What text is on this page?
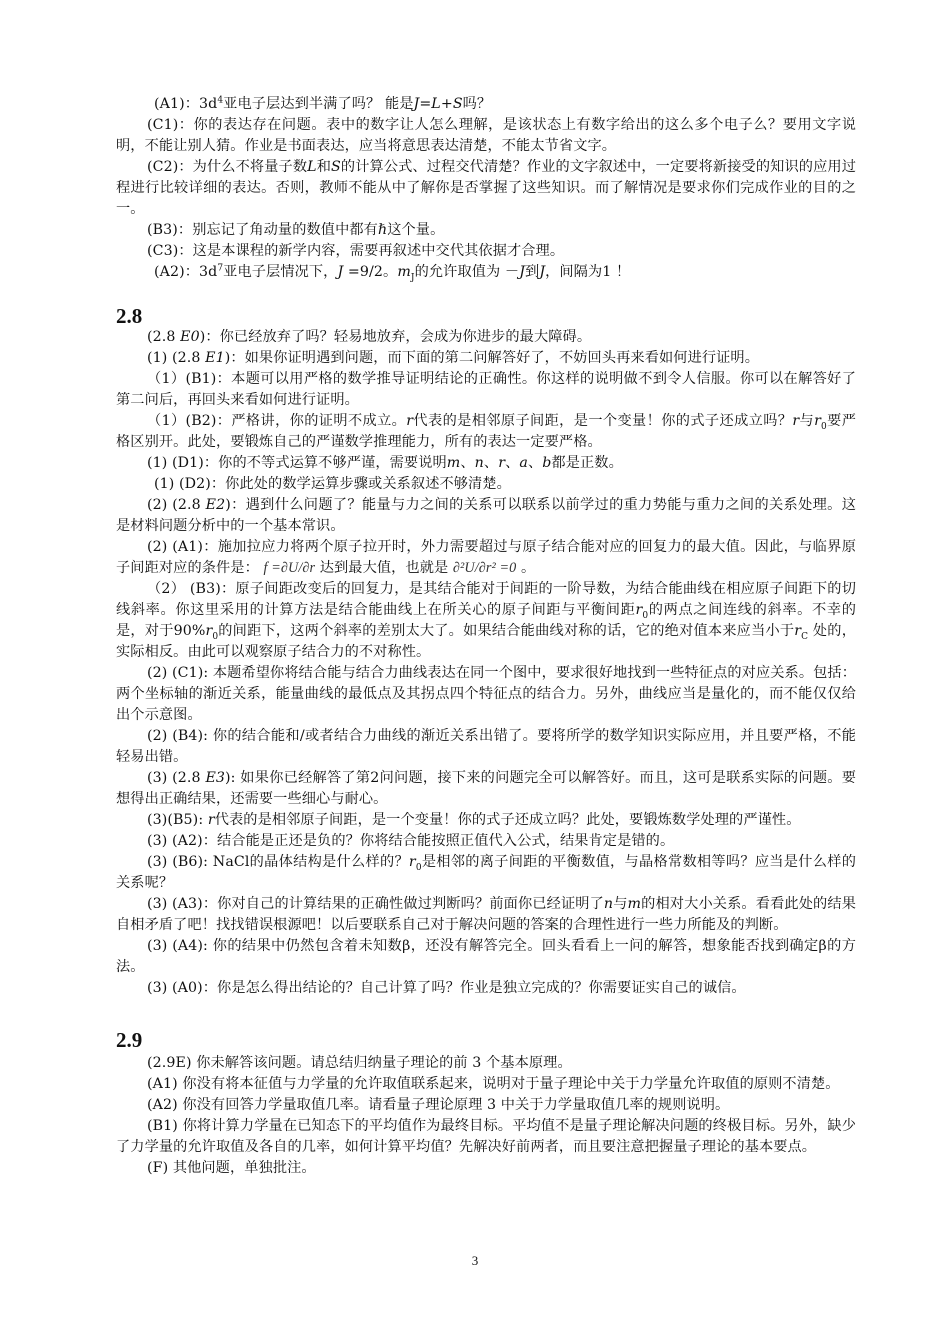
(A1)：$3d^4$亚电子层达到半满了吗？ 能是J=L+S吗？

(C1)：你的表达存在问题。表中的数字让人怎么理解，是该状态上有数字给出的这么多个电子么？要用文字说明，不能让别人猜。作业是书面表达，应当将意思表达清楚，不能太节省文字。

(C2)：为什么不将量子数L和S的计算公式、过程交代清楚？作业的文字叙述中，一定要将新接受的知识的应用过程进行比较详细的表达。否则，教师不能从中了解你是否掌握了这些知识。而了解情况是要求你们完成作业的目的之一。

(B3)：别忘记了角动量的数值中都有ℏ这个量。

(C3)：这是本课程的新学内容，需要再叙述中交代其依据才合理。

(A2)：$3d^7$亚电子层情况下，J =9/2。$m_J$的允许取值为 －J到J，间隔为1 ！

2.8

(2.8 E0)：你已经放弃了吗？轻易地放弃，会成为你进步的最大障碍。

(1) (2.8 E1)：如果你证明遇到问题，而下面的第二问解答好了，不妨回头再来看如何进行证明。

（1）(B1)：本题可以用严格的数学推导证明结论的正确性。你这样的说明做不到令人信服。你可以在解答好了第二问后，再回头来看如何进行证明。

（1）(B2)：严格讲，你的证明不成立。r代表的是相邻原子间距，是一个变量！你的式子还成立吗？r与$r_0$要严格区别开。此处，要锻炼自己的严谨数学推理能力，所有的表达一定要严格。

(1) (D1)：你的不等式运算不够严谨，需要说明m、n、r、a、b都是正数。

(1) (D2)：你此处的数学运算步骤或关系叙述不够清楚。

(2) (2.8 E2)：遇到什么问题了？能量与力之间的关系可以联系以前学过的重力势能与重力之间的关系处理。这是材料问题分析中的一个基本常识。

(2) (A1)：施加拉应力将两个原子拉开时，外力需要超过与原子结合能对应的回复力的最大值。因此，与临界原子间距对应的条件是： f =∂U/∂r 达到最大值，也就是 ∂²U/∂r² =0 。

（2） (B3)：原子间距改变后的回复力，是其结合能对于间距的一阶导数，为结合能曲线在相应原子间距下的切线斜率。你这里采用的计算方法是结合能曲线上在所关心的原子间距与平衡间距$r_0$的两点之间连线的斜率。不幸的是，对于$90\%r_0$的间距下，这两个斜率的差别太大了。如果结合能曲线对称的话，它的绝对值本来应当小于$r_C$ 处的，实际相反。由此可以观察原子结合力的不对称性。

(2) (C1): 本题希望你将结合能与结合力曲线表达在同一个图中，要求很好地找到一些特征点的对应关系。包括：两个坐标轴的渐近关系，能量曲线的最低点及其拐点四个特征点的结合力。另外，曲线应当是量化的，而不能仅仅给出个示意图。

(2) (B4): 你的结合能和/或者结合力曲线的渐近关系出错了。要将所学的数学知识实际应用，并且要严格，不能轻易出错。

(3) (2.8 E3): 如果你已经解答了第2问问题，接下来的问题完全可以解答好。而且，这可是联系实际的问题。要想得出正确结果，还需要一些细心与耐心。

(3)(B5): r代表的是相邻原子间距，是一个变量！你的式子还成立吗？此处，要锻炼数学处理的严谨性。

(3) (A2)：结合能是正还是负的？你将结合能按照正值代入公式，结果肯定是错的。

(3) (B6): NaCl的晶体结构是什么样的？$r_0$是相邻的离子间距的平衡数值，与晶格常数相等吗？应当是什么样的关系呢？

(3) (A3)：你对自己的计算结果的正确性做过判断吗？前面你已经证明了n与m的相对大小关系。看看此处的结果自相矛盾了吧！找找错误根源吧！以后要联系自己对于解决问题的答案的合理性进行一些力所能及的判断。

(3) (A4): 你的结果中仍然包含着未知数β，还没有解答完全。回头看看上一问的解答，想象能否找到确定β的方法。

(3) (A0)：你是怎么得出结论的？自己计算了吗？作业是独立完成的？你需要证实自己的诚信。

2.9

(2.9E) 你未解答该问题。请总结归纳量子理论的前 3 个基本原理。

(A1) 你没有将本征值与力学量的允许取值联系起来，说明对于量子理论中关于力学量允许取值的原则不清楚。

(A2) 你没有回答力学量取值几率。请看量子理论原理 3 中关于力学量取值几率的规则说明。

(B1) 你将计算力学量在已知态下的平均值作为最终目标。平均值不是量子理论解决问题的终极目标。另外，缺少了力学量的允许取值及各自的几率，如何计算平均值？先解决好前两者，而且要注意把握量子理论的基本要点。

(F) 其他问题，单独批注。

3
